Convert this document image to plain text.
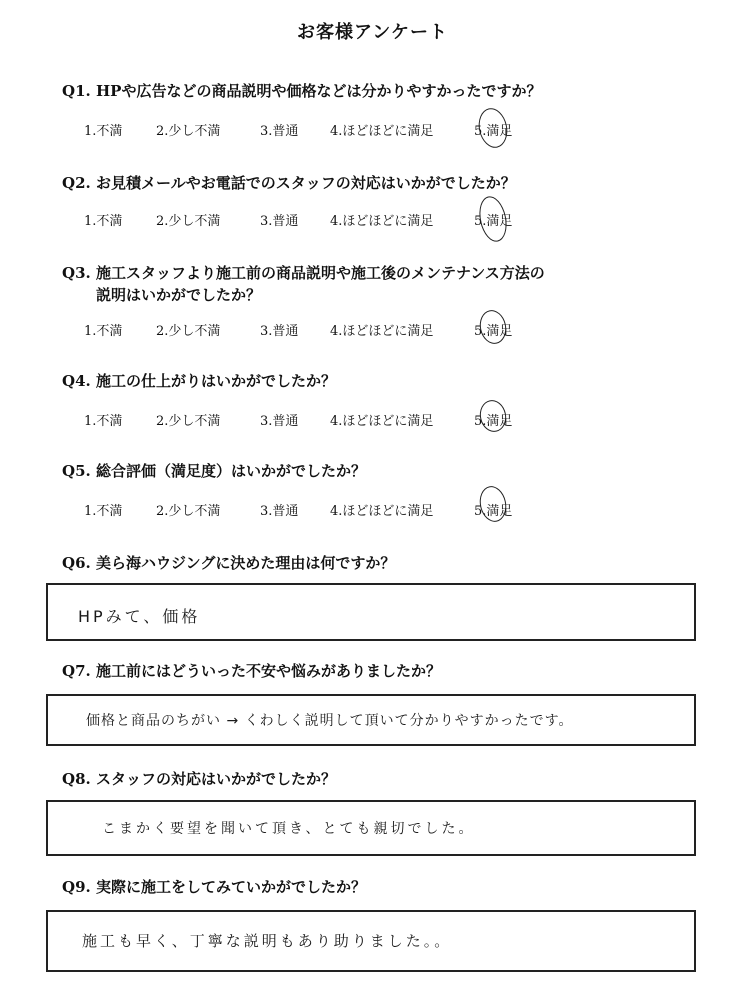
お客様アンケート
Q1. HPや広告などの商品説明や価格などは分かりやすかったですか？
1.不満	2.少し不満	3.普通 4.ほどほどに満足	5.満足
Q2. お見積メールやお電話でのスタッフの対応はいかがでしたか？
1.不満	2.少し不満	3.普通 4.ほどほどに満足	5.満足
Q3. 施工スタッフより施工前の商品説明や施工後のメンテナンス方法の
説明はいかがでしたか？
1.不満	2.少し不満	3.普通 4.ほどほどに満足	5.満足
Q4. 施工の仕上がりはいかがでしたか？
1.不満	2.少し不満	3.普通 4.ほどほどに満足	5.満足
Q5. 総合評価（満足度）はいかがでしたか？
1.不満	2.少し不満	3.普通 4.ほどほどに満足	5.満足
Q6. 美ら海ハウジングに決めた理由は何ですか？
HPみて、価格
Q7. 施工前にはどういった不安や悩みがありましたか？
価格と商品のちがい → くわしく説明して頂いて分かりやすかったです。
Q8. スタッフの対応はいかがでしたか？
こまかく要望を聞いて頂き、とても親切でした。
Q9. 実際に施工をしてみていかがでしたか？
施工も早く、丁寧な説明もあり助りました。。
